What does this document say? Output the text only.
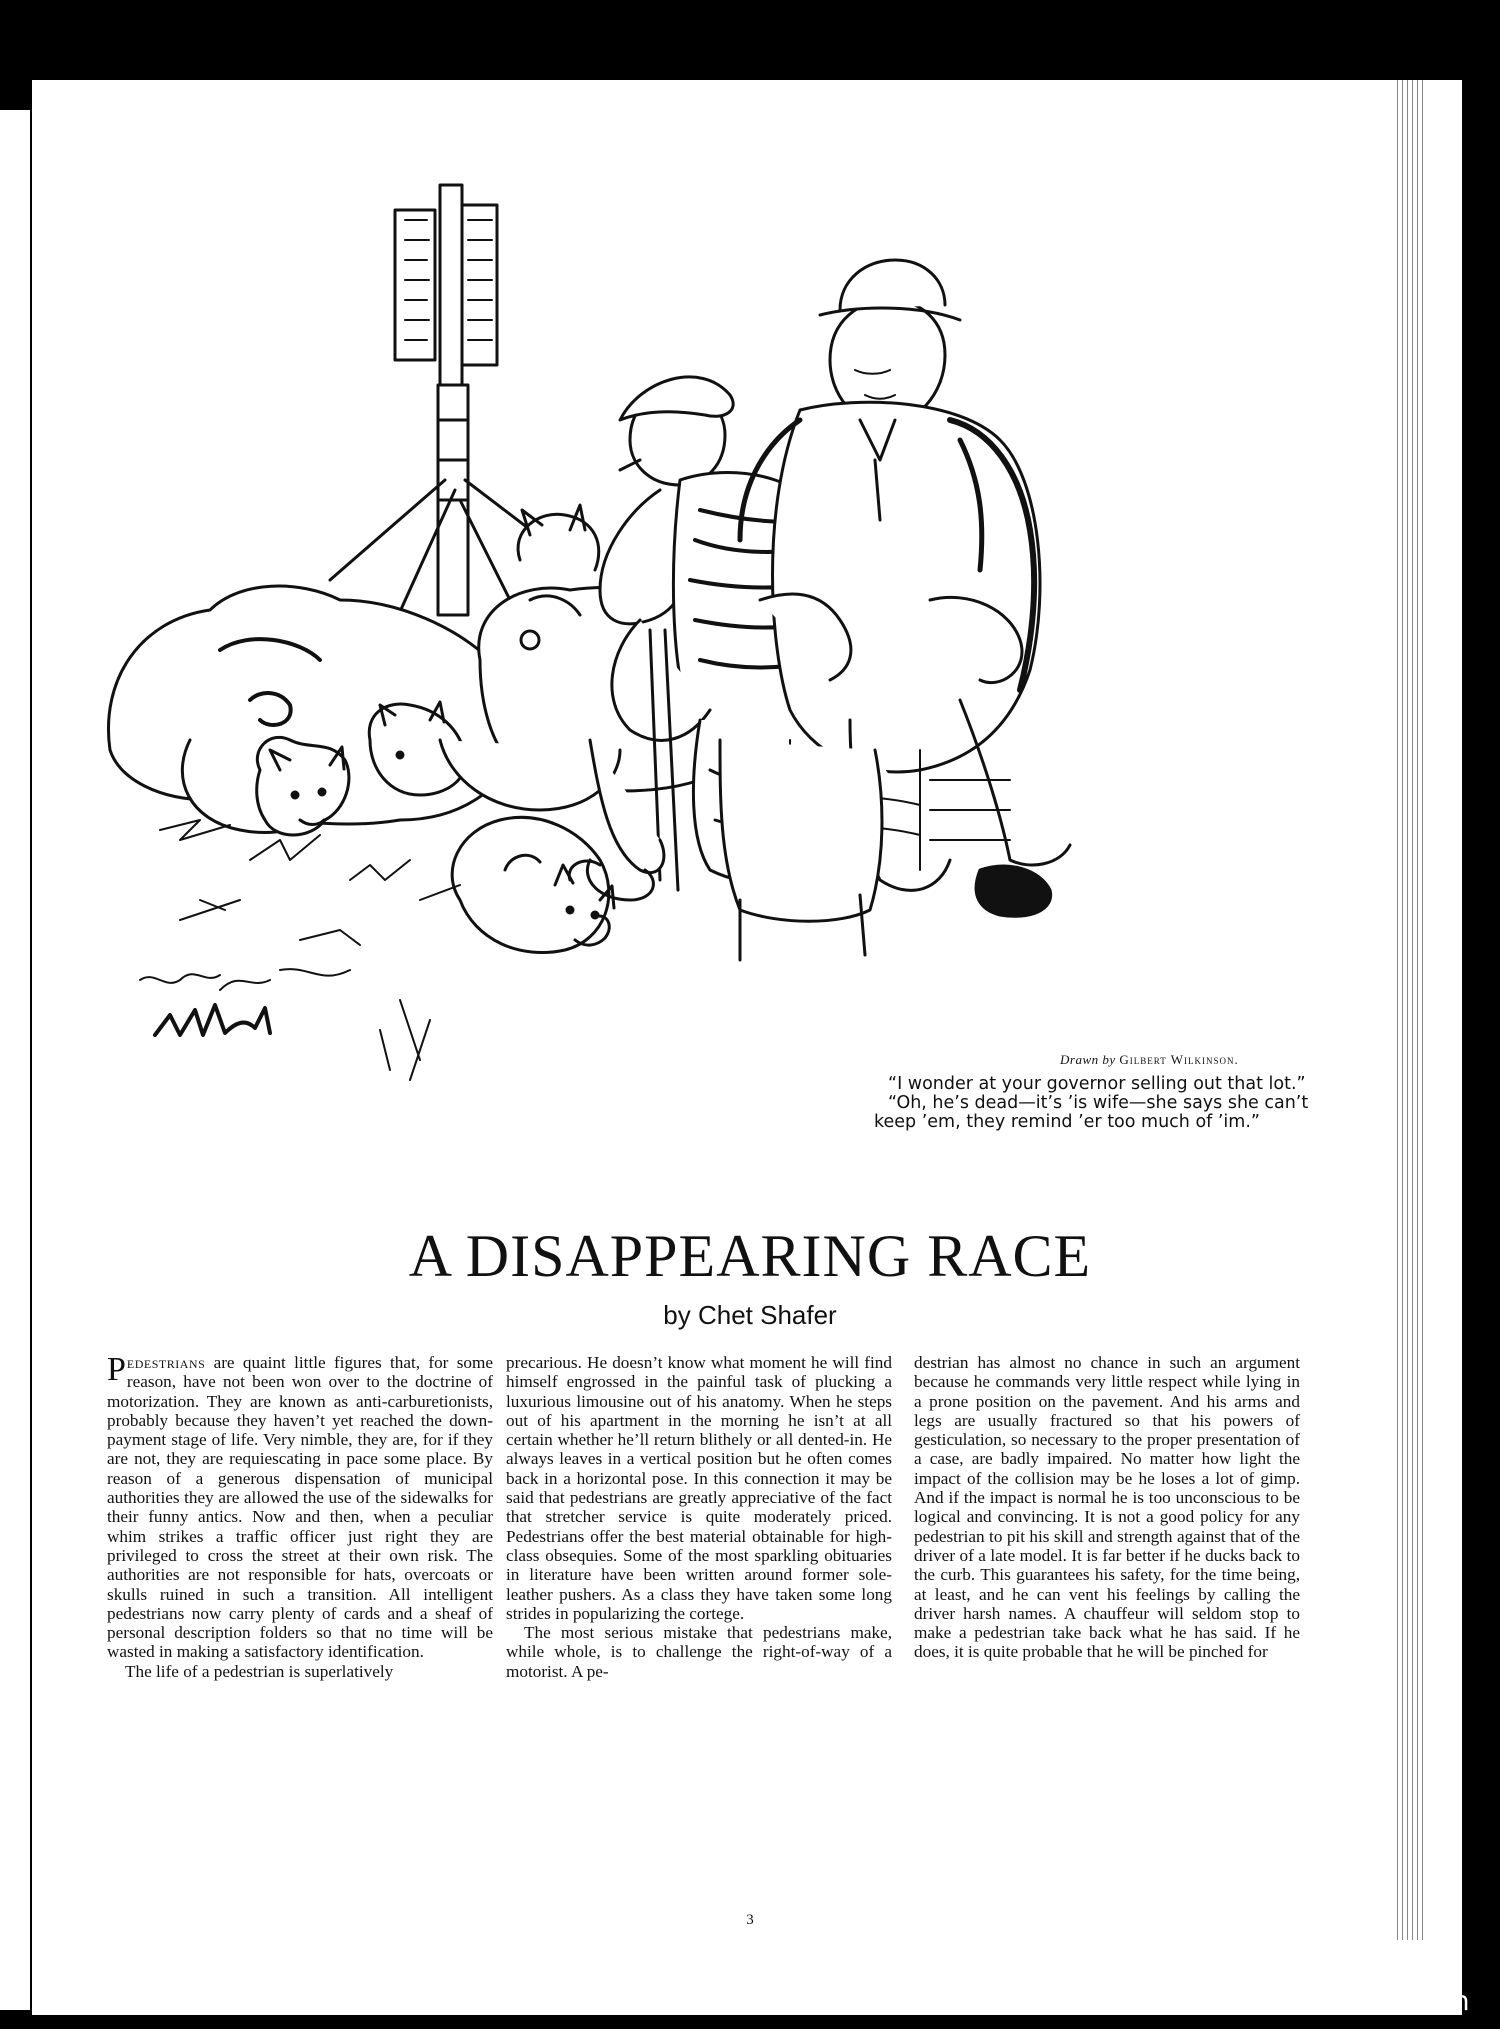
Drawn by Gilbert Wilkinson.

“I wonder at your governor selling out that lot.”

“Oh, he’s dead—it’s ’is wife—she says she can’t keep ’em, they remind ’er too much of ’im.”

A DISAPPEARING RACE

by Chet Shafer

Pedestrians are quaint little figures that, for some reason, have not been won over to the doctrine of motorization. They are known as anti-carburetionists, probably because they haven’t yet reached the down-payment stage of life. Very nimble, they are, for if they are not, they are requiescating in pace some place. By reason of a generous dispensation of municipal authorities they are allowed the use of the sidewalks for their funny antics. Now and then, when a peculiar whim strikes a traffic officer just right they are privileged to cross the street at their own risk. The authorities are not responsible for hats, overcoats or skulls ruined in such a transition. All intelligent pedestrians now carry plenty of cards and a sheaf of personal description folders so that no time will be wasted in making a satisfactory identification.

The life of a pedestrian is superlatively

precarious. He doesn’t know what moment he will find himself engrossed in the painful task of plucking a luxurious limousine out of his anatomy. When he steps out of his apartment in the morning he isn’t at all certain whether he’ll return blithely or all dented-in. He always leaves in a vertical position but he often comes back in a horizontal pose. In this connection it may be said that pedestrians are greatly appreciative of the fact that stretcher service is quite moderately priced. Pedestrians offer the best material obtainable for high-class obsequies. Some of the most sparkling obituaries in literature have been written around former sole-leather pushers. As a class they have taken some long strides in popularizing the cortege.

The most serious mistake that pedestrians make, while whole, is to challenge the right-of-way of a motorist. A pe-

destrian has almost no chance in such an argument because he commands very little respect while lying in a prone position on the pavement. And his arms and legs are usually fractured so that his powers of gesticulation, so necessary to the proper presentation of a case, are badly impaired. No matter how light the impact of the collision may be he loses a lot of gimp. And if the impact is normal he is too unconscious to be logical and convincing. It is not a good policy for any pedestrian to pit his skill and strength against that of the driver of a late model. It is far better if he ducks back to the curb. This guarantees his safety, for the time being, at least, and he can vent his feelings by calling the driver harsh names. A chauffeur will seldom stop to make a pedestrian take back what he has said. If he does, it is quite probable that he will be pinched for

3
comicbooks.com
